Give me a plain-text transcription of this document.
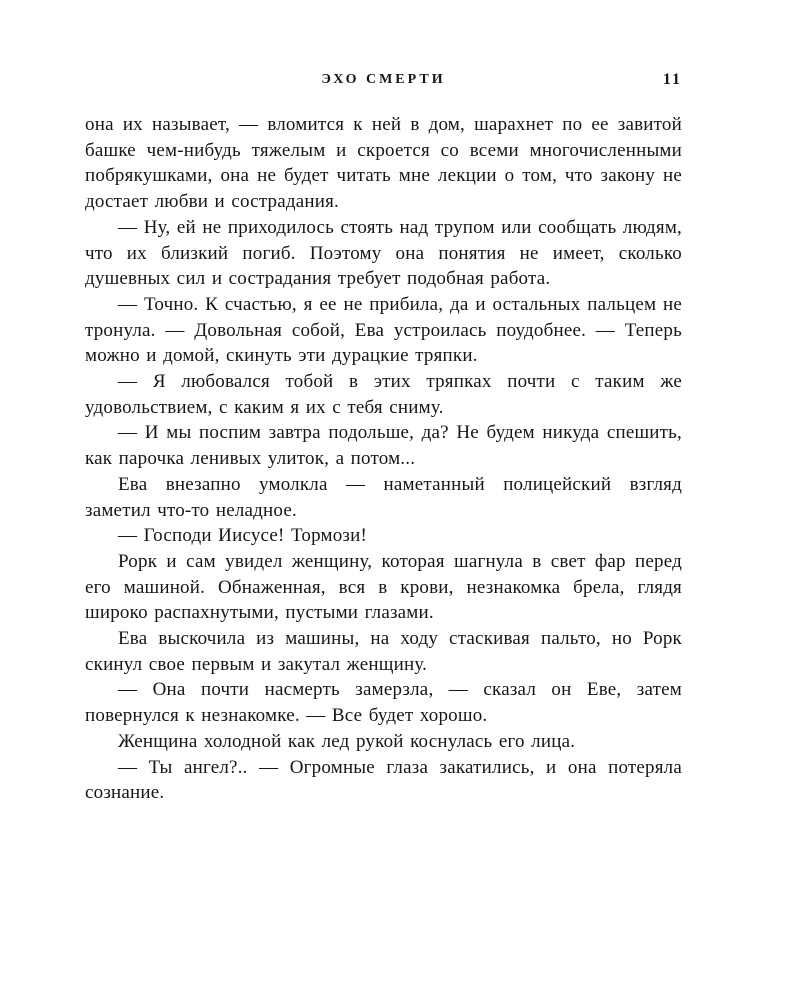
ЭХО СМЕРТИ	11

она их называет, — вломится к ней в дом, шарахнет по ее завитой башке чем-нибудь тяжелым и скроется со всеми многочисленными побрякушками, она не будет читать мне лекции о том, что закону не достает любви и сострадания.

— Ну, ей не приходилось стоять над трупом или сообщать людям, что их близкий погиб. Поэтому она понятия не имеет, сколько душевных сил и сострадания требует подобная работа.

— Точно. К счастью, я ее не прибила, да и остальных пальцем не тронула. — Довольная собой, Ева устроилась поудобнее. — Теперь можно и домой, скинуть эти дурацкие тряпки.

— Я любовался тобой в этих тряпках почти с таким же удовольствием, с каким я их с тебя сниму.

— И мы поспим завтра подольше, да? Не будем никуда спешить, как парочка ленивых улиток, а потом...

Ева внезапно умолкла — наметанный полицейский взгляд заметил что-то неладное.

— Господи Иисусе! Тормози!

Рорк и сам увидел женщину, которая шагнула в свет фар перед его машиной. Обнаженная, вся в крови, незнакомка брела, глядя широко распахнутыми, пустыми глазами.

Ева выскочила из машины, на ходу стаскивая пальто, но Рорк скинул свое первым и закутал женщину.

— Она почти насмерть замерзла, — сказал он Еве, затем повернулся к незнакомке. — Все будет хорошо.

Женщина холодной как лед рукой коснулась его лица.

— Ты ангел?.. — Огромные глаза закатились, и она потеряла сознание.
